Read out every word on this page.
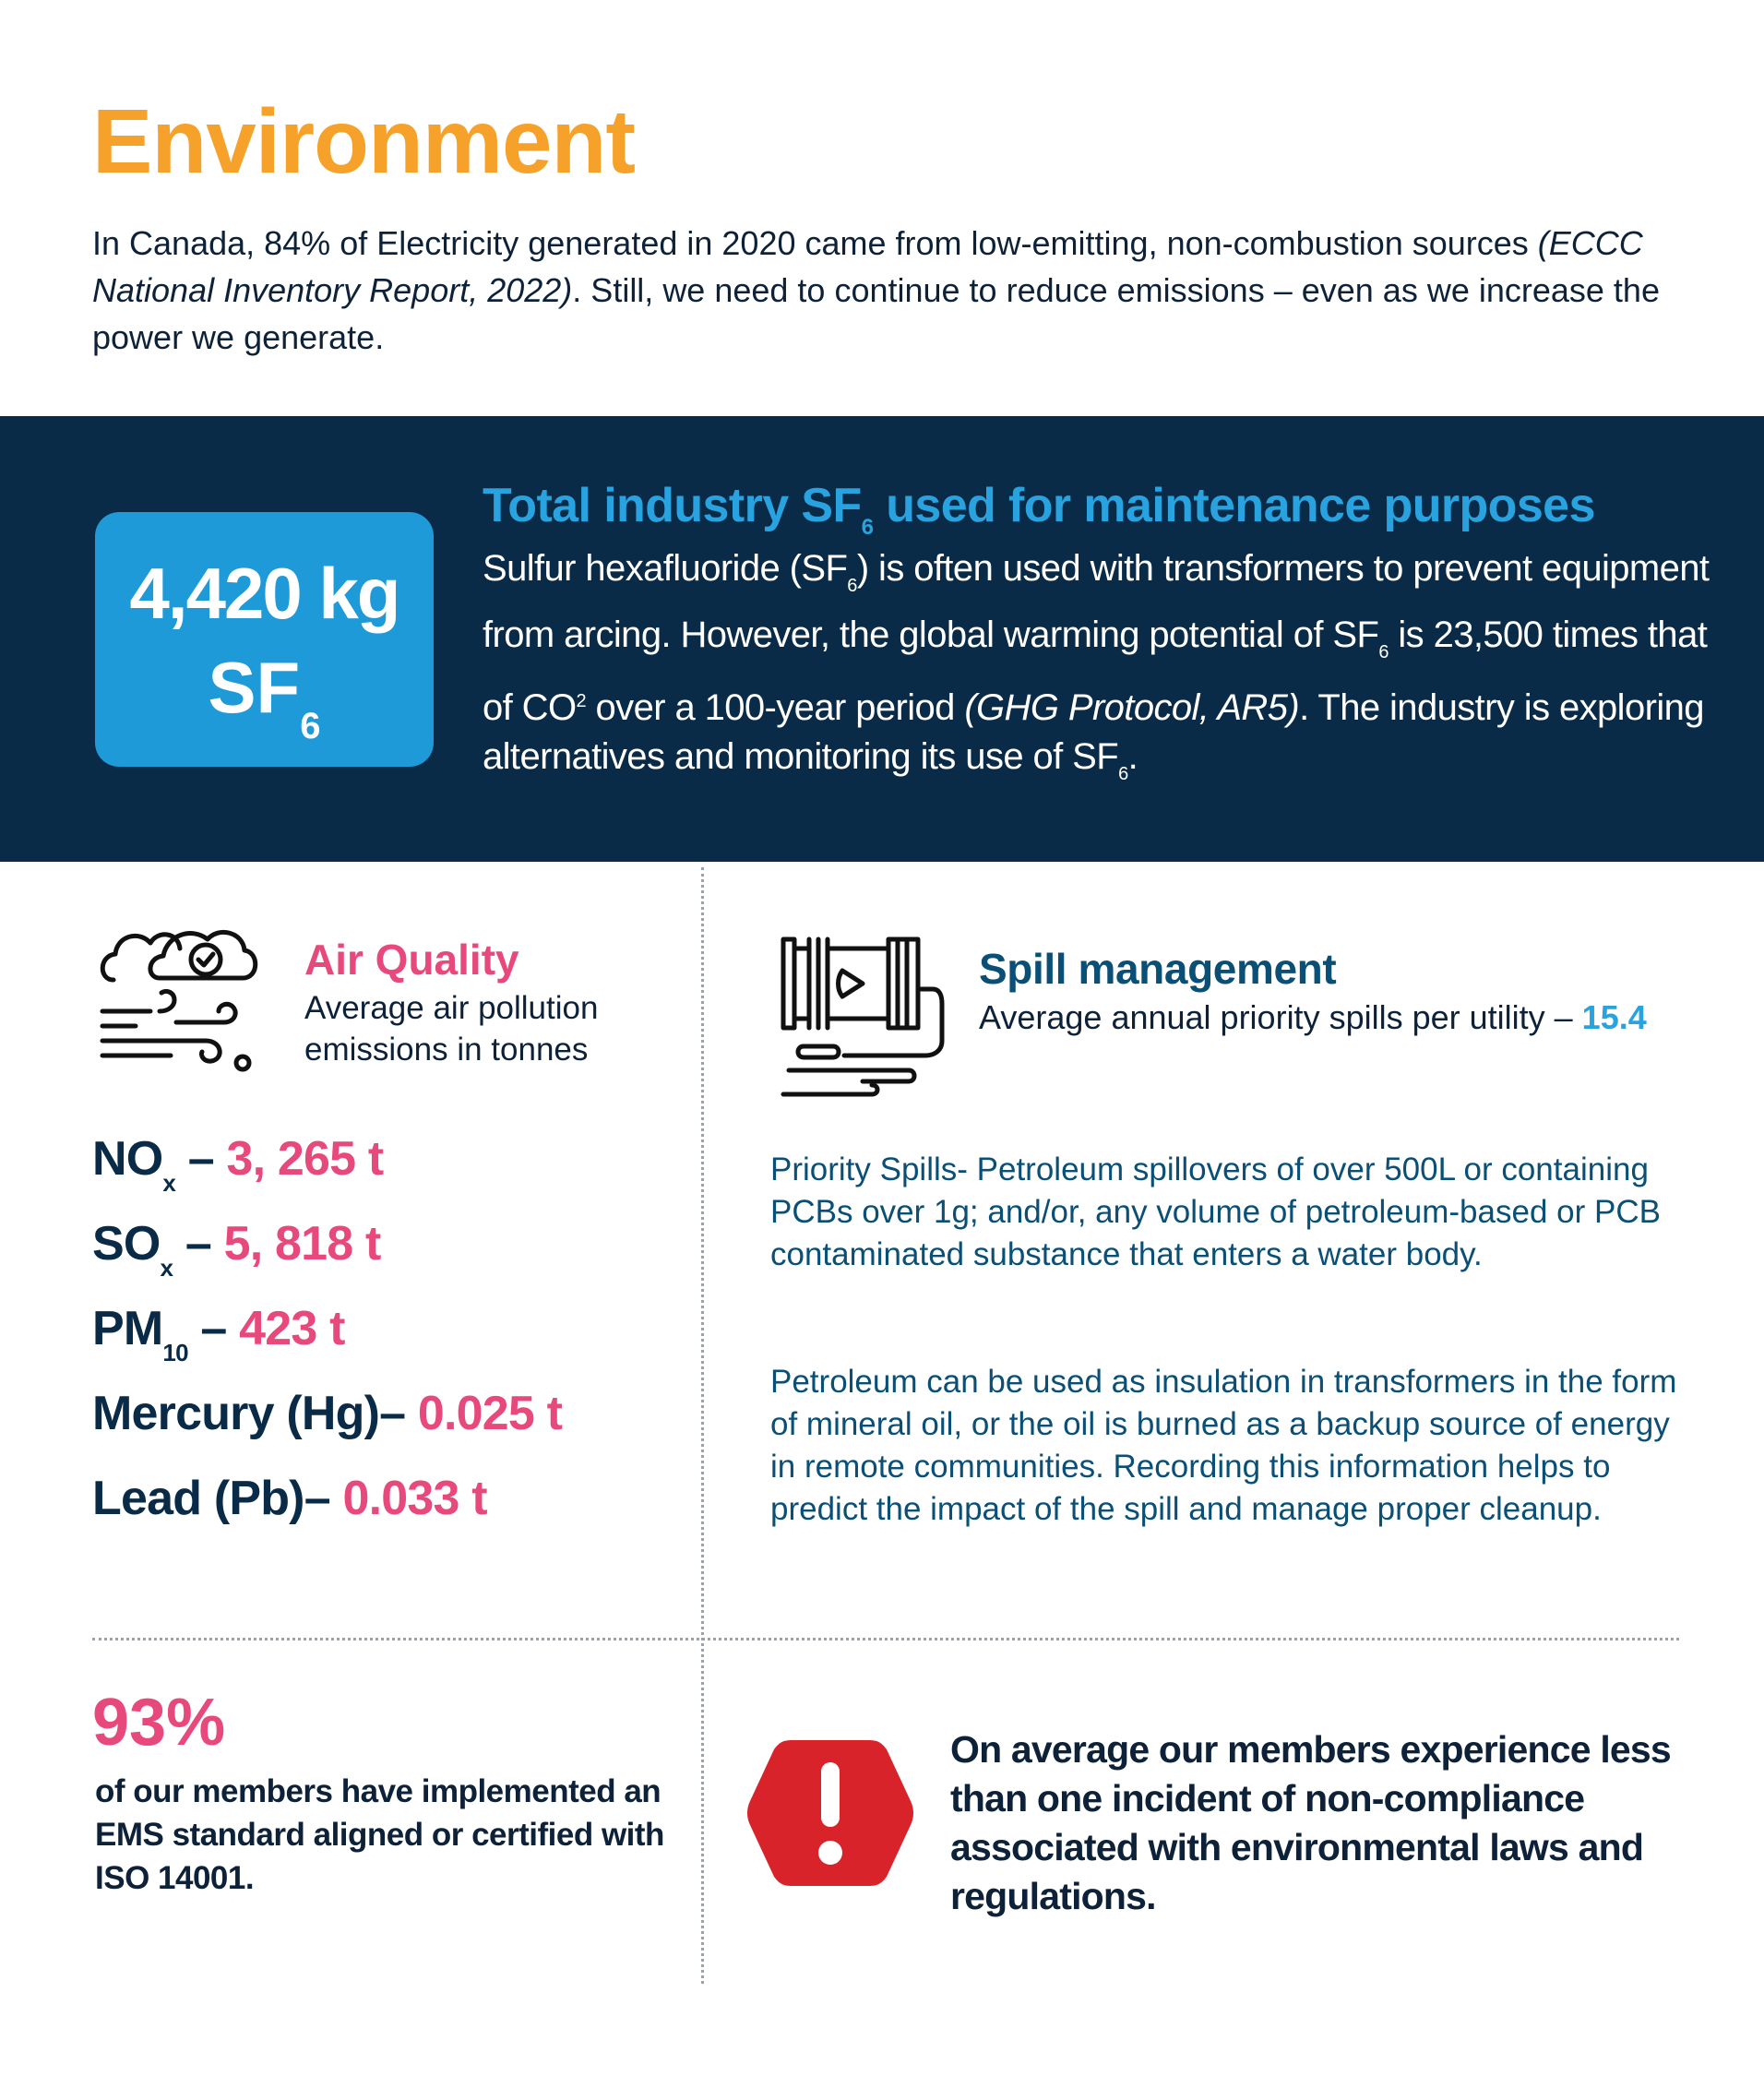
Environment

In Canada, 84% of Electricity generated in 2020 came from low-emitting, non-combustion sources (ECCC National Inventory Report, 2022). Still, we need to continue to reduce emissions – even as we increase the power we generate.

4,420 kg
$SF_6$
Total industry $SF_6$ used for maintenance purposes

Sulfur hexafluoride $(SF_6)$ is often used with transformers to prevent equipment from arcing. However, the global warming potential of $SF_6$ is 23,500 times that of $CO^2$ over a 100-year period (GHG Protocol, AR5). The industry is exploring alternatives and monitoring its use of $SF_6$.

Air Quality
Average air pollution emissions in tonnes
$NO_x - 3$, 265 t
$SO_x - 5$, 818 t
$PM_{10} - 423$ t
Mercury (Hg)– 0.025 t
Lead (Pb)– 0.033 t
Spill management
Average annual priority spills per utility – 15.4

Priority Spills- Petroleum spillovers of over 500L or containing PCBs over 1g; and/or, any volume of petroleum-based or PCB contaminated substance that enters a water body.

Petroleum can be used as insulation in transformers in the form of mineral oil, or the oil is burned as a backup source of energy in remote communities. Recording this information helps to predict the impact of the spill and manage proper cleanup.

93%

of our members have implemented an EMS standard aligned or certified with ISO 14001.

On average our members experience less than one incident of non-compliance associated with environmental laws and regulations.
